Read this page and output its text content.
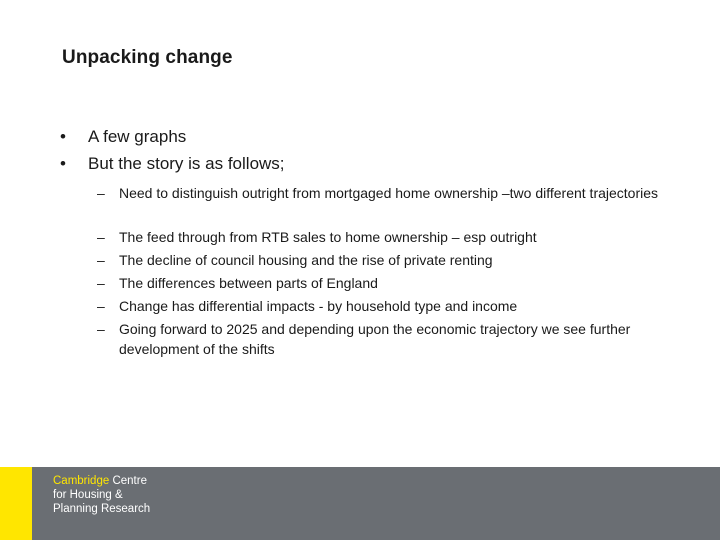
Unpacking change
•	A few graphs
•	But the story is as follows;
–	Need to distinguish outright from mortgaged home ownership –two different trajectories
–	The feed through from RTB sales to home ownership – esp outright
–	The decline of council housing and the rise of private renting
–	The differences between parts of England
–	Change has differential impacts - by household type and income
–	Going forward to 2025 and depending upon the economic trajectory we see further development of the shifts
Cambridge Centre
for Housing &
Planning Research
